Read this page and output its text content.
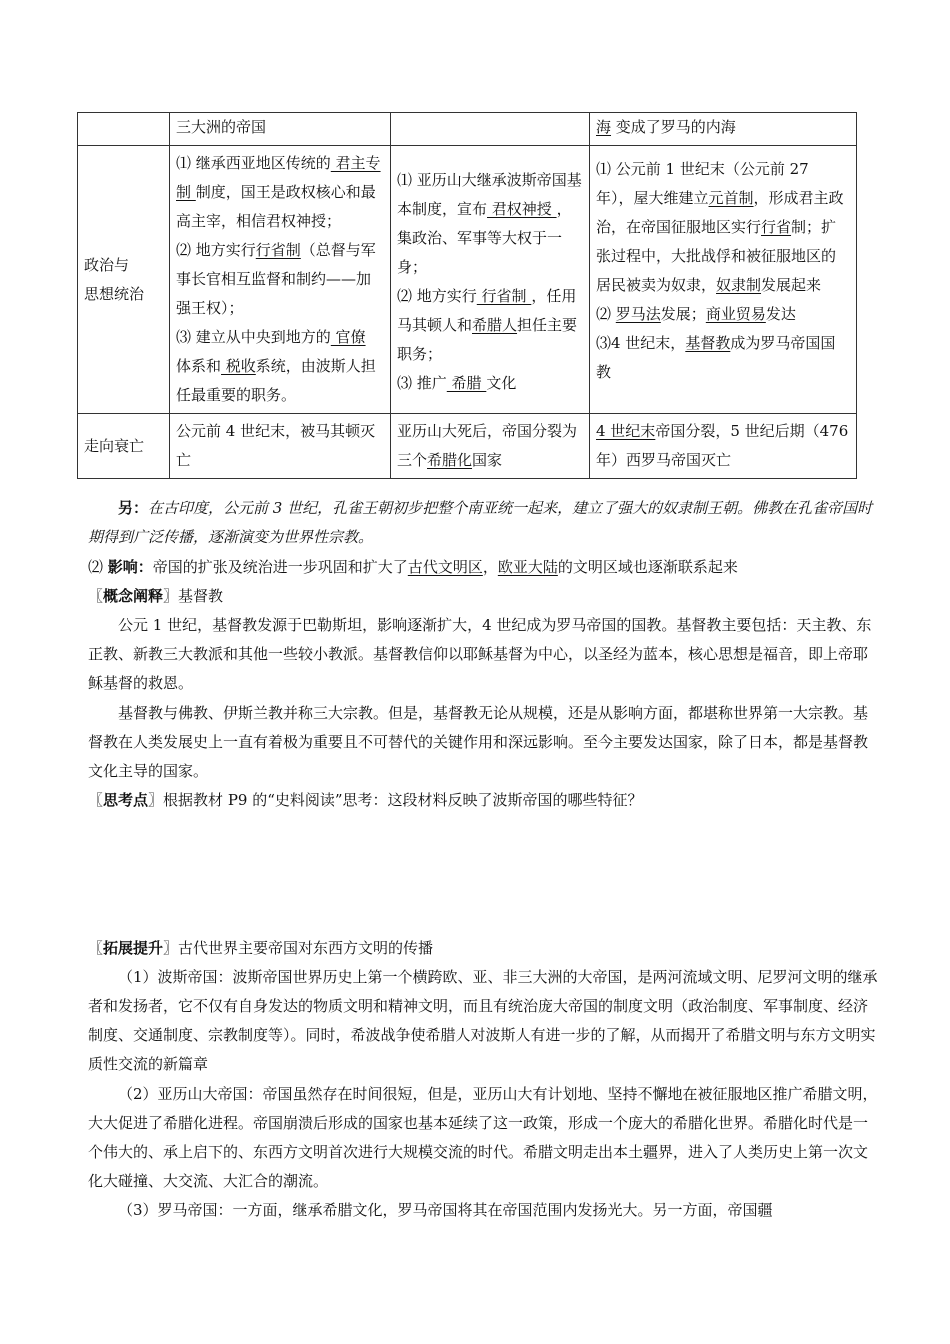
	三大洲的帝国		海 变成了罗马的内海
政治与
思想统治	⑴ 继承西亚地区传统的 君主专制 制度，国王是政权核心和最高主宰，相信君权神授；
⑵ 地方实行行省制（总督与军事长官相互监督和制约——加强王权）；
⑶ 建立从中央到地方的 官僚 体系和 税收系统，由波斯人担任最重要的职务。	⑴ 亚历山大继承波斯帝国基本制度，宣布 君权神授 ，集政治、军事等大权于一身；
⑵ 地方实行 行省制 ，任用马其顿人和希腊人担任主要职务；
⑶ 推广 希腊 文化	⑴ 公元前 1 世纪末（公元前 27 年），屋大维建立元首制，形成君主政治，在帝国征服地区实行行省制；扩张过程中，大批战俘和被征服地区的居民被卖为奴隶，奴隶制发展起来
⑵ 罗马法发展；商业贸易发达
⑶4 世纪末，基督教成为罗马帝国国教
走向衰亡	公元前 4 世纪末，被马其顿灭亡	亚历山大死后，帝国分裂为三个希腊化国家	4 世纪末帝国分裂，5 世纪后期（476 年）西罗马帝国灭亡
另：在古印度，公元前 3 世纪，孔雀王朝初步把整个南亚统一起来，建立了强大的奴隶制王朝。佛教在孔雀帝国时期得到广泛传播，逐渐演变为世界性宗教。
⑵ 影响：帝国的扩张及统治进一步巩固和扩大了古代文明区，欧亚大陆的文明区域也逐渐联系起来
〖概念阐释〗基督教
公元 1 世纪，基督教发源于巴勒斯坦，影响逐渐扩大，4 世纪成为罗马帝国的国教。基督教主要包括：天主教、东正教、新教三大教派和其他一些较小教派。基督教信仰以耶稣基督为中心，以圣经为蓝本，核心思想是福音，即上帝耶稣基督的救恩。
基督教与佛教、伊斯兰教并称三大宗教。但是，基督教无论从规模，还是从影响方面，都堪称世界第一大宗教。基督教在人类发展史上一直有着极为重要且不可替代的关键作用和深远影响。至今主要发达国家，除了日本，都是基督教文化主导的国家。
〖思考点〗根据教材 P9 的“史料阅读”思考：这段材料反映了波斯帝国的哪些特征？
〖拓展提升〗古代世界主要帝国对东西方文明的传播
（1）波斯帝国：波斯帝国世界历史上第一个横跨欧、亚、非三大洲的大帝国，是两河流域文明、尼罗河文明的继承者和发扬者，它不仅有自身发达的物质文明和精神文明，而且有统治庞大帝国的制度文明（政治制度、军事制度、经济制度、交通制度、宗教制度等）。同时，希波战争使希腊人对波斯人有进一步的了解，从而揭开了希腊文明与东方文明实质性交流的新篇章
（2）亚历山大帝国：帝国虽然存在时间很短，但是，亚历山大有计划地、坚持不懈地在被征服地区推广希腊文明，大大促进了希腊化进程。帝国崩溃后形成的国家也基本延续了这一政策，形成一个庞大的希腊化世界。希腊化时代是一个伟大的、承上启下的、东西方文明首次进行大规模交流的时代。希腊文明走出本土疆界，进入了人类历史上第一次文化大碰撞、大交流、大汇合的潮流。
（3）罗马帝国：一方面，继承希腊文化，罗马帝国将其在帝国范围内发扬光大。另一方面，帝国疆
